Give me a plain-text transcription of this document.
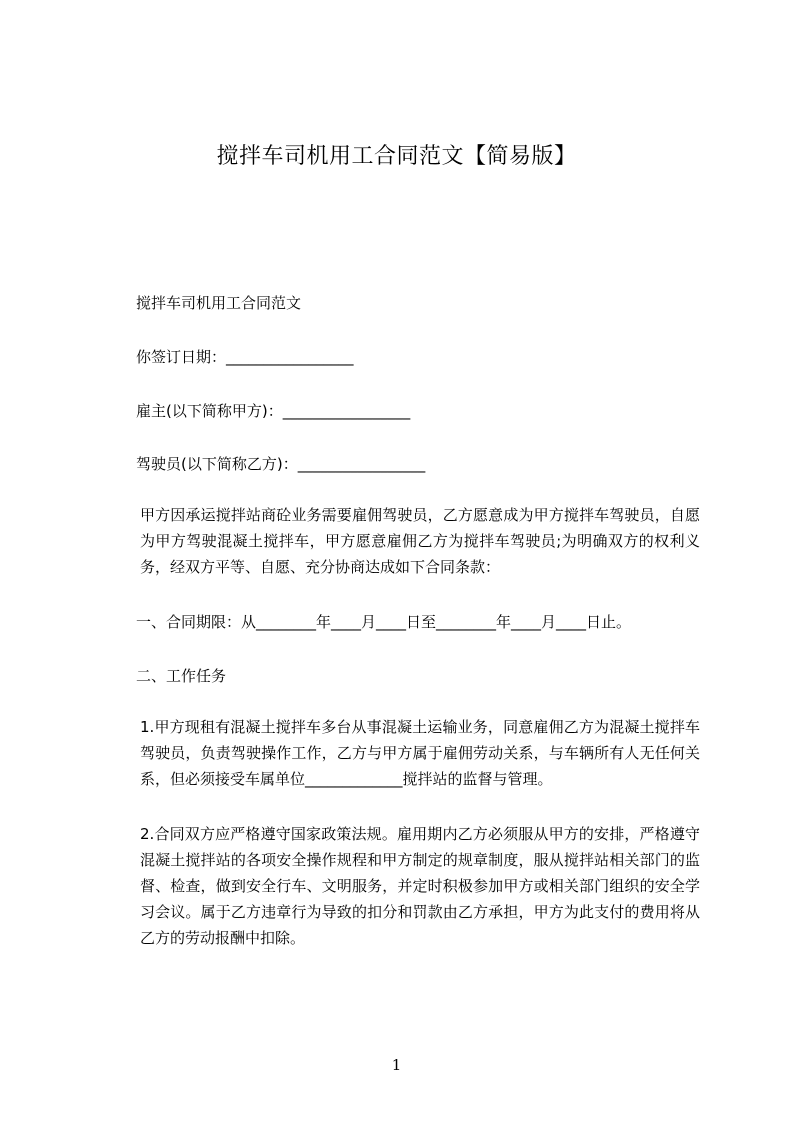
搅拌车司机用工合同范文【简易版】
搅拌车司机用工合同范文
你签订日期：_________________
雇主(以下简称甲方)：_________________
驾驶员(以下简称乙方)：_________________
甲方因承运搅拌站商砼业务需要雇佣驾驶员，乙方愿意成为甲方搅拌车驾驶员，自愿为甲方驾驶混凝土搅拌车，甲方愿意雇佣乙方为搅拌车驾驶员;为明确双方的权利义务，经双方平等、自愿、充分协商达成如下合同条款：
一、合同期限：从________年____月____日至________年____月____日止。
二、工作任务
1.甲方现租有混凝土搅拌车多台从事混凝土运输业务，同意雇佣乙方为混凝土搅拌车驾驶员，负责驾驶操作工作，乙方与甲方属于雇佣劳动关系，与车辆所有人无任何关系，但必须接受车属单位_____________搅拌站的监督与管理。
2.合同双方应严格遵守国家政策法规。雇用期内乙方必须服从甲方的安排，严格遵守混凝土搅拌站的各项安全操作规程和甲方制定的规章制度，服从搅拌站相关部门的监督、检查，做到安全行车、文明服务，并定时积极参加甲方或相关部门组织的安全学习会议。属于乙方违章行为导致的扣分和罚款由乙方承担，甲方为此支付的费用将从乙方的劳动报酬中扣除。
1
